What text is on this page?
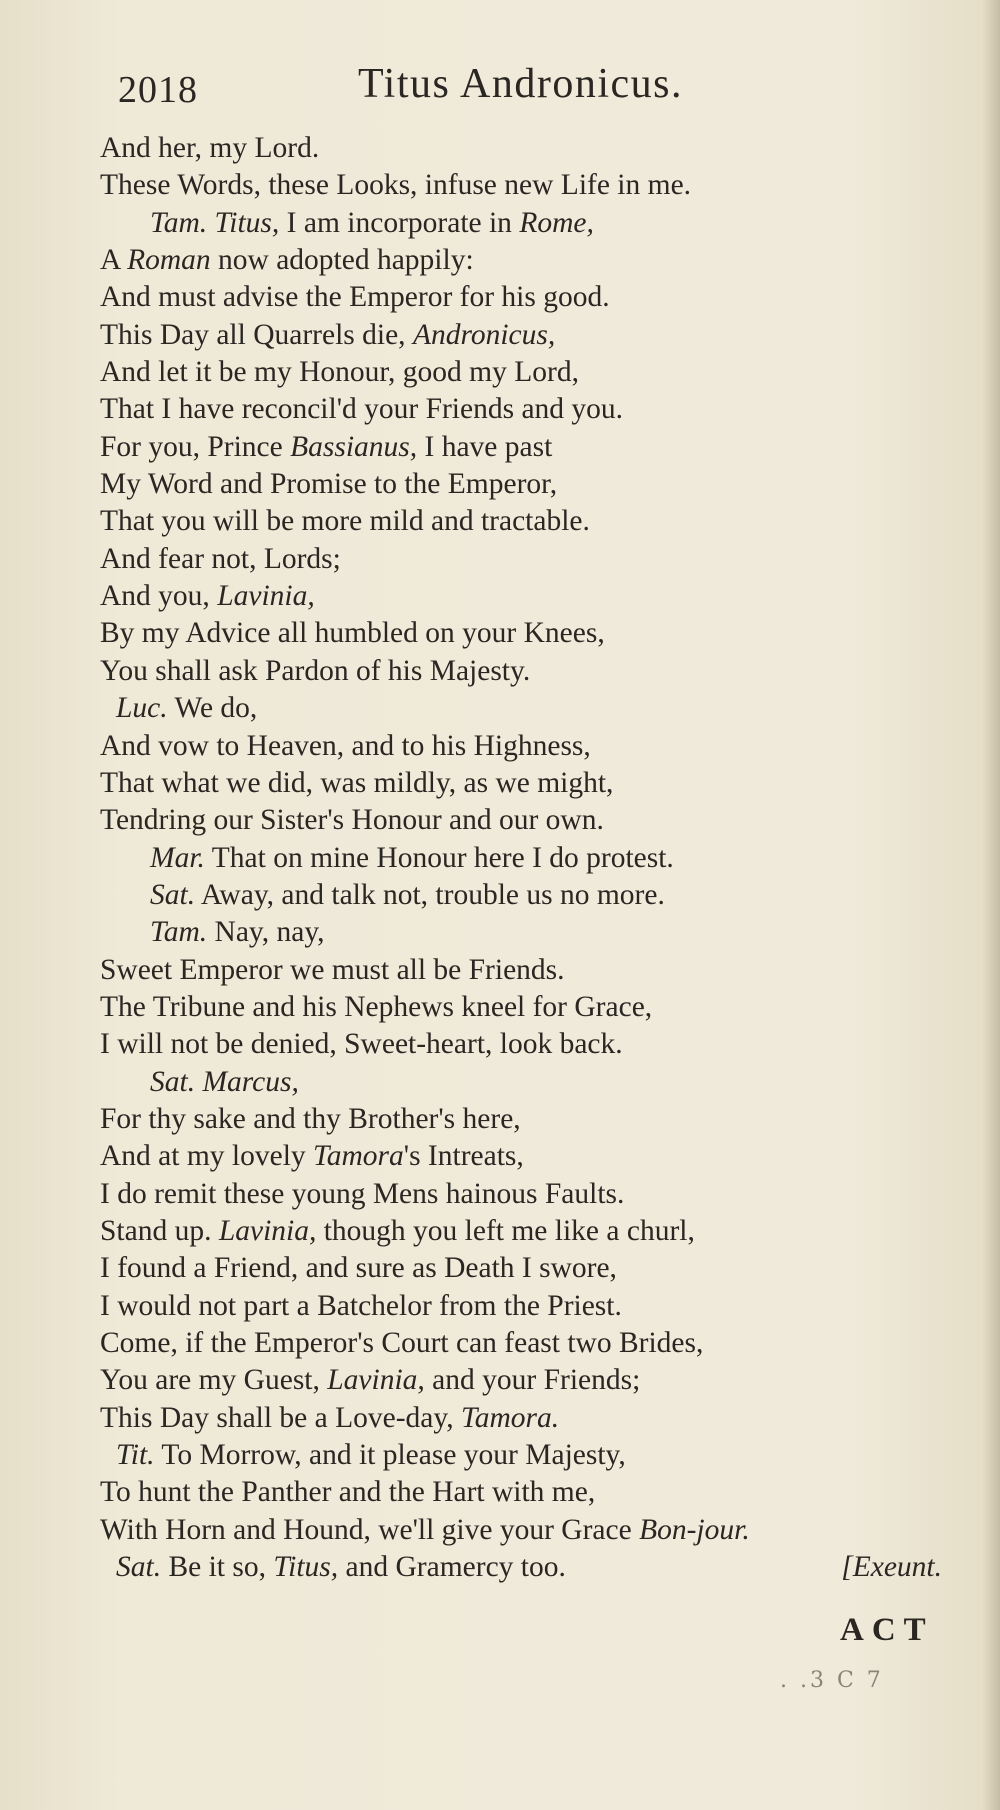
2018	Titus Andronicus.
And her, my Lord.
These Words, these Looks, infuse new Life in me.
Tam. Titus, I am incorporate in Rome,
A Roman now adopted happily:
And must advise the Emperor for his good.
This Day all Quarrels die, Andronicus,
And let it be my Honour, good my Lord,
That I have reconcil'd your Friends and you.
For you, Prince Bassianus, I have past
My Word and Promise to the Emperor,
That you will be more mild and tractable.
And fear not, Lords;
And you, Lavinia,
By my Advice all humbled on your Knees,
You shall ask Pardon of his Majesty.
Luc. We do,
And vow to Heaven, and to his Highness,
That what we did, was mildly, as we might,
Tendring our Sister's Honour and our own.
Mar. That on mine Honour here I do protest.
Sat. Away, and talk not, trouble us no more.
Tam. Nay, nay,
Sweet Emperor we must all be Friends.
The Tribune and his Nephews kneel for Grace,
I will not be denied, Sweet-heart, look back.
Sat. Marcus,
For thy sake and thy Brother's here,
And at my lovely Tamora's Intreats,
I do remit these young Mens hainous Faults.
Stand up. Lavinia, though you left me like a churl,
I found a Friend, and sure as Death I swore,
I would not part a Batchelor from the Priest.
Come, if the Emperor's Court can feast two Brides,
You are my Guest, Lavinia, and your Friends;
This Day shall be a Love-day, Tamora.
Tit. To Morrow, and it please your Majesty,
To hunt the Panther and the Hart with me,
With Horn and Hound, we'll give your Grace Bon-jour.
Sat. Be it so, Titus, and Gramercy too.	[Exeunt.
ACT
. .3 C 7
